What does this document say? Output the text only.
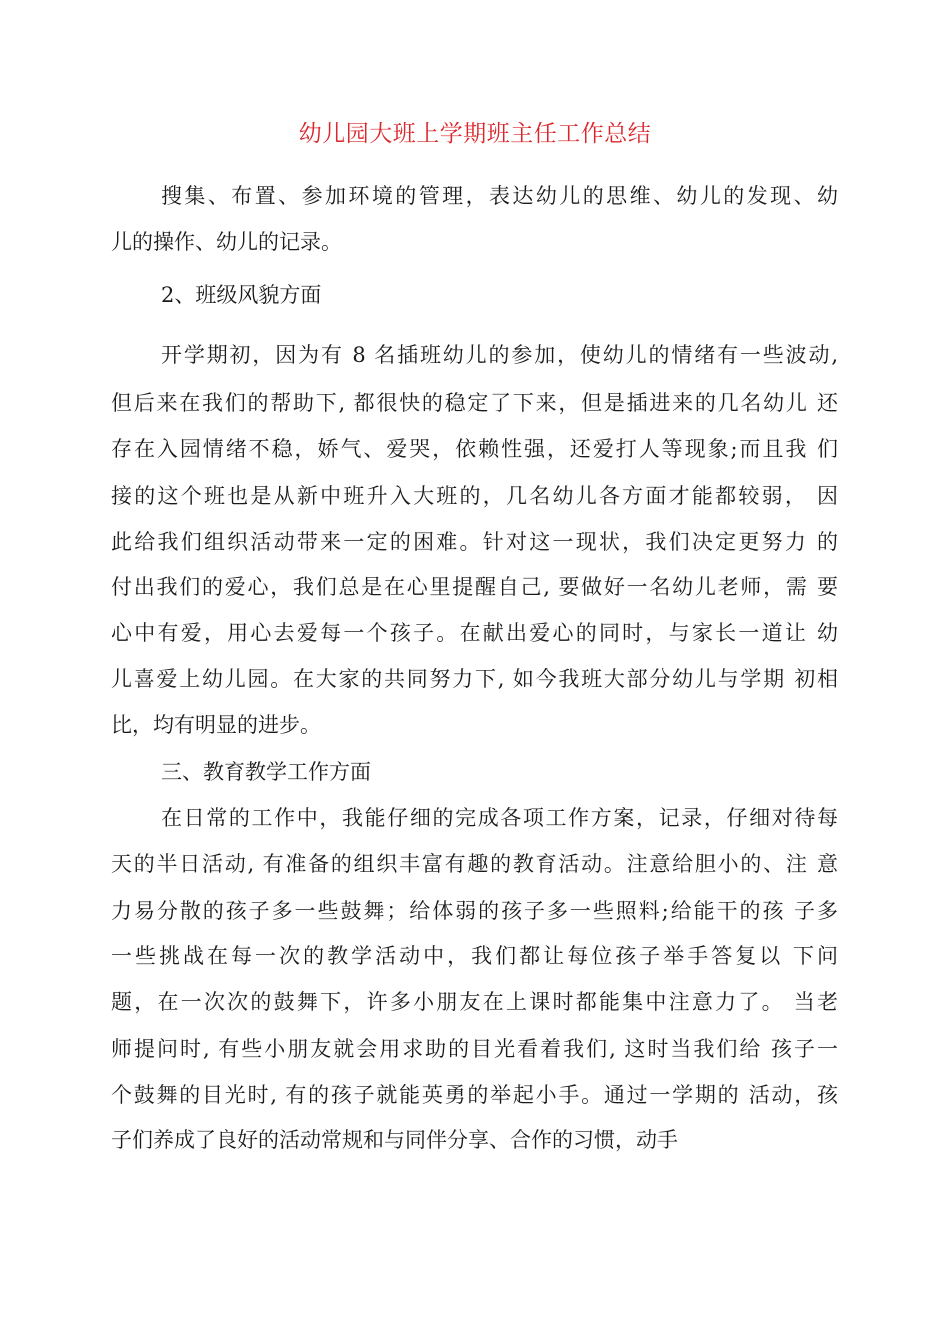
幼儿园大班上学期班主任工作总结
搜集、布置、参加环境的管理，表达幼儿的思维、幼儿的发现、幼
儿的操作、幼儿的记录。
2、班级风貌方面
开学期初，因为有 8 名插班幼儿的参加，使幼儿的情绪有一些波动,
但后来在我们的帮助下, 都很快的稳定了下来，但是插进来的几名幼儿 还
存在入园情绪不稳，娇气、爱哭，依赖性强，还爱打人等现象;而且我 们
接的这个班也是从新中班升入大班的，几名幼儿各方面才能都较弱， 因
此给我们组织活动带来一定的困难。针对这一现状，我们决定更努力 的
付出我们的爱心，我们总是在心里提醒自己, 要做好一名幼儿老师，需 要
心中有爱，用心去爱每一个孩子。在献出爱心的同时，与家长一道让 幼
儿喜爱上幼儿园。在大家的共同努力下, 如今我班大部分幼儿与学期 初相
比，均有明显的进步。
三、教育教学工作方面
在日常的工作中，我能仔细的完成各项工作方案，记录，仔细对待每
天的半日活动, 有准备的组织丰富有趣的教育活动。注意给胆小的、注 意
力易分散的孩子多一些鼓舞；给体弱的孩子多一些照料;给能干的孩 子多
一些挑战在每一次的教学活动中，我们都让每位孩子举手答复以 下问
题，在一次次的鼓舞下，许多小朋友在上课时都能集中注意力了。 当老
师提问时, 有些小朋友就会用求助的目光看着我们, 这时当我们给 孩子一
个鼓舞的目光时, 有的孩子就能英勇的举起小手。通过一学期的 活动，孩
子们养成了良好的活动常规和与同伴分享、合作的习惯，动手
